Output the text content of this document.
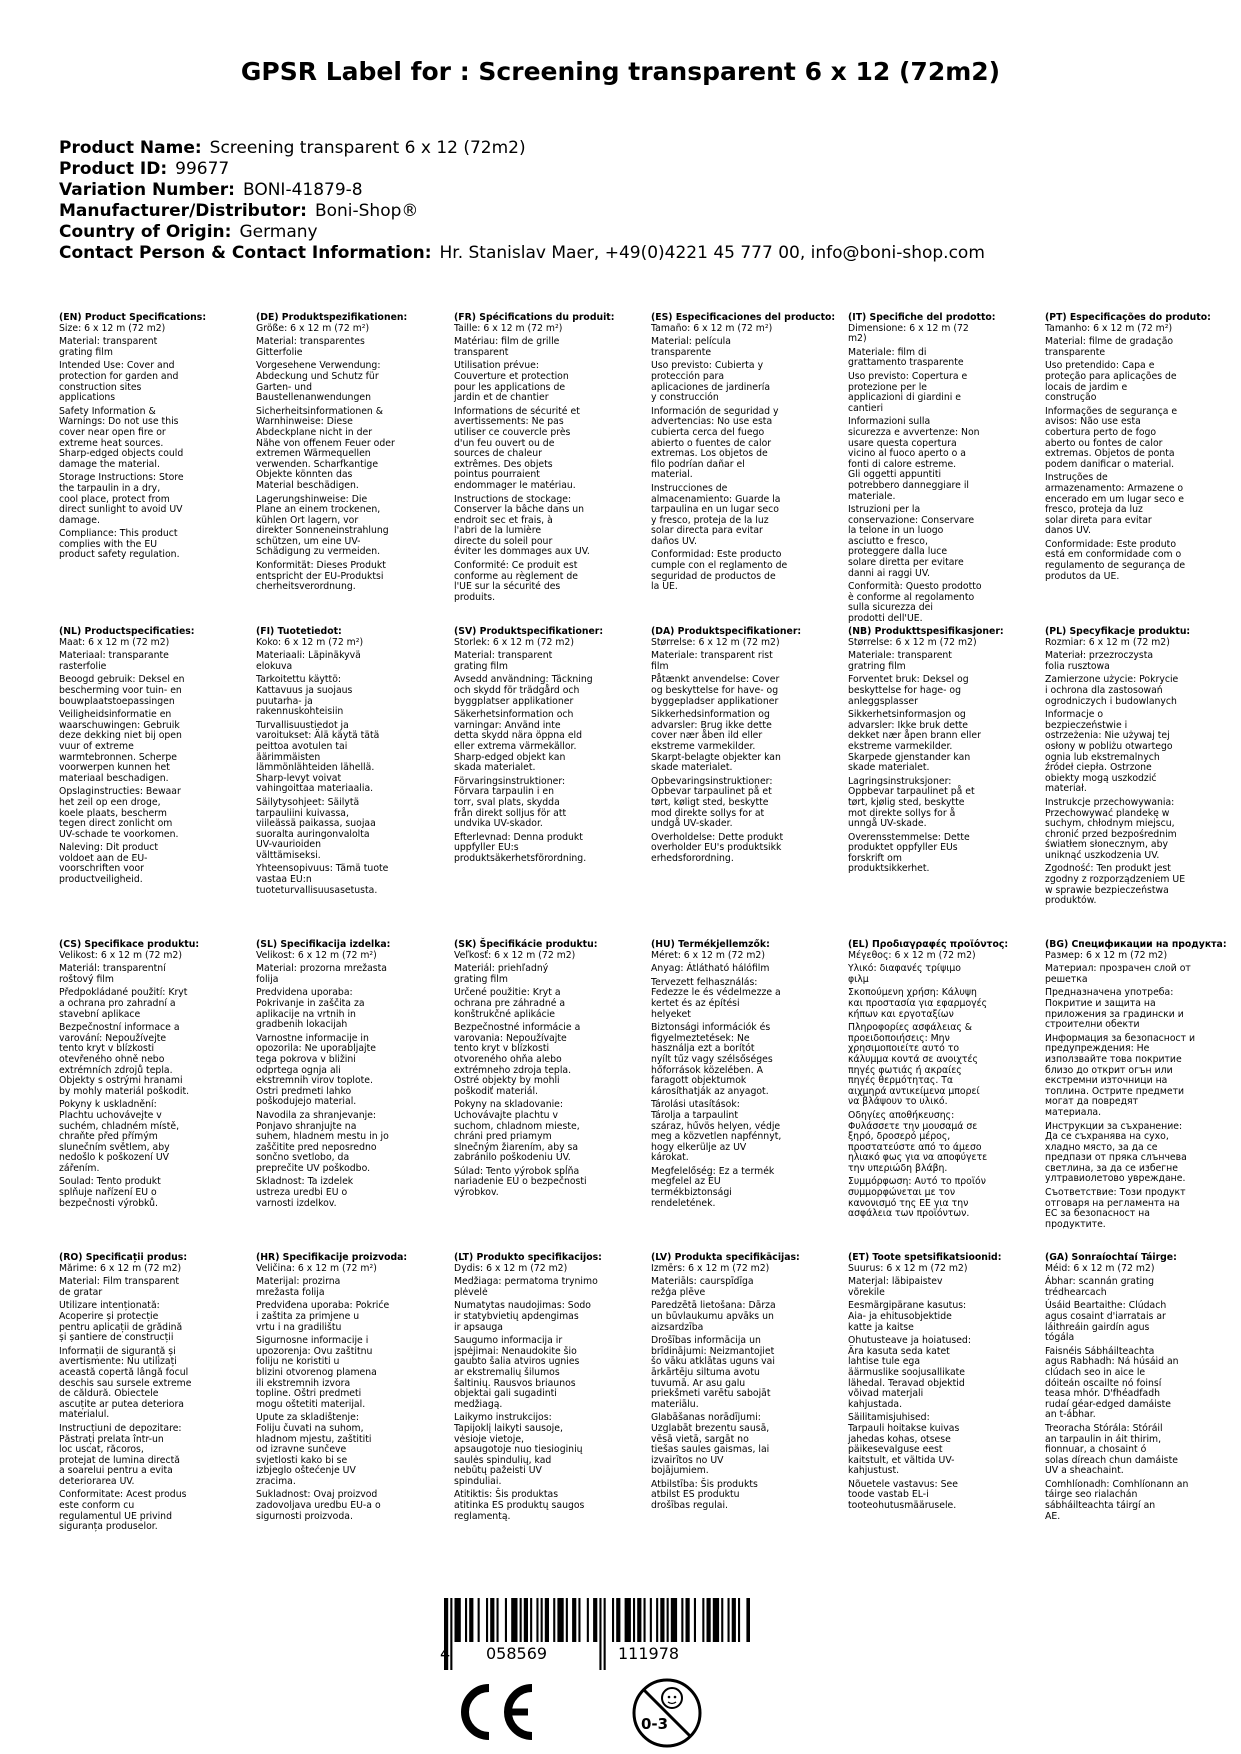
GPSR Label for : Screening transparent 6 x 12 (72m2)
Product Name: Screening transparent 6 x 12 (72m2)
Product ID: 99677
Variation Number: BONI-41879-8
Manufacturer/Distributor: Boni-Shop®
Country of Origin: Germany
Contact Person & Contact Information: Hr. Stanislav Maer, +49(0)4221 45 777 00, info@boni-shop.com
(EN) Product Specifications:
Size: 6 x 12 m (72 m2)
Material: transparent
grating film
Intended Use: Cover and
protection for garden and
construction sites
applications
Safety Information &
Warnings: Do not use this
cover near open fire or
extreme heat sources.
Sharp-edged objects could
damage the material.
Storage Instructions: Store
the tarpaulin in a dry,
cool place, protect from
direct sunlight to avoid UV
damage.
Compliance: This product
complies with the EU
product safety regulation.
(DE) Produktspezifikationen:
Größe: 6 x 12 m (72 m²)
Material: transparentes
Gitterfolie
Vorgesehene Verwendung:
Abdeckung und Schutz für
Garten- und
Baustellenanwendungen
Sicherheitsinformationen &
Warnhinweise: Diese
Abdeckplane nicht in der
Nähe von offenem Feuer oder
extremen Wärmequellen
verwenden. Scharfkantige
Objekte könnten das
Material beschädigen.
Lagerungshinweise: Die
Plane an einem trockenen,
kühlen Ort lagern, vor
direkter Sonneneinstrahlung
schützen, um eine UV-
Schädigung zu vermeiden.
Konformität: Dieses Produkt
entspricht der EU-Produktsi
cherheitsverordnung.
(FR) Spécifications du produit:
Taille: 6 x 12 m (72 m²)
Matériau: film de grille
transparent
Utilisation prévue:
Couverture et protection
pour les applications de
jardin et de chantier
Informations de sécurité et
avertissements: Ne pas
utiliser ce couvercle près
d'un feu ouvert ou de
sources de chaleur
extrêmes. Des objets
pointus pourraient
endommager le matériau.
Instructions de stockage:
Conserver la bâche dans un
endroit sec et frais, à
l'abri de la lumière
directe du soleil pour
éviter les dommages aux UV.
Conformité: Ce produit est
conforme au règlement de
l'UE sur la sécurité des
produits.
(ES) Especificaciones del producto:
Tamaño: 6 x 12 m (72 m²)
Material: película
transparente
Uso previsto: Cubierta y
protección para
aplicaciones de jardinería
y construcción
Información de seguridad y
advertencias: No use esta
cubierta cerca del fuego
abierto o fuentes de calor
extremas. Los objetos de
filo podrían dañar el
material.
Instrucciones de
almacenamiento: Guarde la
tarpaulina en un lugar seco
y fresco, proteja de la luz
solar directa para evitar
daños UV.
Conformidad: Este producto
cumple con el reglamento de
seguridad de productos de
la UE.
(IT) Specifiche del prodotto:
Dimensione: 6 x 12 m (72
m2)
Materiale: film di
grattamento trasparente
Uso previsto: Copertura e
protezione per le
applicazioni di giardini e
cantieri
Informazioni sulla
sicurezza e avvertenze: Non
usare questa copertura
vicino al fuoco aperto o a
fonti di calore estreme.
Gli oggetti appuntiti
potrebbero danneggiare il
materiale.
Istruzioni per la
conservazione: Conservare
la telone in un luogo
asciutto e fresco,
proteggere dalla luce
solare diretta per evitare
danni ai raggi UV.
Conformità: Questo prodotto
è conforme al regolamento
sulla sicurezza dei
prodotti dell'UE.
(PT) Especificações do produto:
Tamanho: 6 x 12 m (72 m²)
Material: filme de gradação
transparente
Uso pretendido: Capa e
proteção para aplicações de
locais de jardim e
construção
Informações de segurança e
avisos: Não use esta
cobertura perto de fogo
aberto ou fontes de calor
extremas. Objetos de ponta
podem danificar o material.
Instruções de
armazenamento: Armazene o
encerado em um lugar seco e
fresco, proteja da luz
solar direta para evitar
danos UV.
Conformidade: Este produto
está em conformidade com o
regulamento de segurança de
produtos da UE.
(NL) Productspecificaties:
Maat: 6 x 12 m (72 m2)
Materiaal: transparante
rasterfolie
Beoogd gebruik: Deksel en
bescherming voor tuin- en
bouwplaatstoepassingen
Veiligheidsinformatie en
waarschuwingen: Gebruik
deze dekking niet bij open
vuur of extreme
warmtebronnen. Scherpe
voorwerpen kunnen het
materiaal beschadigen.
Opslaginstructies: Bewaar
het zeil op een droge,
koele plaats, bescherm
tegen direct zonlicht om
UV-schade te voorkomen.
Naleving: Dit product
voldoet aan de EU-
voorschriften voor
productveiligheid.
(FI) Tuotetiedot:
Koko: 6 x 12 m (72 m²)
Materiaali: Läpinäkyvä
elokuva
Tarkoitettu käyttö:
Kattavuus ja suojaus
puutarha- ja
rakennuskohteisiin
Turvallisuustiedot ja
varoitukset: Älä käytä tätä
peittoa avotulen tai
äärimmäisten
lämmönlähteiden lähellä.
Sharp-levyt voivat
vahingoittaa materiaalia.
Säilytysohjeet: Säilytä
tarpauliini kuivassa,
viileässä paikassa, suojaa
suoralta auringonvalolta
UV-vaurioiden
välttämiseksi.
Yhteensopivuus: Tämä tuote
vastaa EU:n
tuoteturvallisuusasetusta.
(SV) Produktspecifikationer:
Storlek: 6 x 12 m (72 m2)
Material: transparent
grating film
Avsedd användning: Täckning
och skydd för trädgård och
byggplatser applikationer
Säkerhetsinformation och
varningar: Använd inte
detta skydd nära öppna eld
eller extrema värmekällor.
Sharp-edged objekt kan
skada materialet.
Förvaringsinstruktioner:
Förvara tarpaulin i en
torr, sval plats, skydda
från direkt solljus för att
undvika UV-skador.
Efterlevnad: Denna produkt
uppfyller EU:s
produktsäkerhetsförordning.
(DA) Produktspecifikationer:
Størrelse: 6 x 12 m (72 m2)
Materiale: transparent rist
film
Påtænkt anvendelse: Cover
og beskyttelse for have- og
byggepladser applikationer
Sikkerhedsinformation og
advarsler: Brug ikke dette
cover nær åben ild eller
ekstreme varmekilder.
Skarpt-belagte objekter kan
skade materialet.
Opbevaringsinstruktioner:
Opbevar tarpaulinet på et
tørt, køligt sted, beskytte
mod direkte sollys for at
undgå UV-skader.
Overholdelse: Dette produkt
overholder EU's produktsikk
erhedsforordning.
(NB) Produkttspesifikasjoner:
Størrelse: 6 x 12 m (72 m2)
Materiale: transparent
gratring film
Forventet bruk: Deksel og
beskyttelse for hage- og
anleggsplasser
Sikkerhetsinformasjon og
advarsler: Ikke bruk dette
dekket nær åpen brann eller
ekstreme varmekilder.
Skarpede gjenstander kan
skade materialet.
Lagringsinstruksjoner:
Oppbevar tarpaulinet på et
tørt, kjølig sted, beskytte
mot direkte sollys for å
unngå UV-skade.
Overensstemmelse: Dette
produktet oppfyller EUs
forskrift om
produktsikkerhet.
(PL) Specyfikacje produktu:
Rozmiar: 6 x 12 m (72 m2)
Materiał: przezroczysta
folia rusztowa
Zamierzone użycie: Pokrycie
i ochrona dla zastosowań
ogrodniczych i budowlanych
Informacje o
bezpieczeństwie i
ostrzeżenia: Nie używaj tej
osłony w pobliżu otwartego
ognia lub ekstremalnych
źródeł ciepła. Ostrzone
obiekty mogą uszkodzić
materiał.
Instrukcje przechowywania:
Przechowywać plandekę w
suchym, chłodnym miejscu,
chronić przed bezpośrednim
światłem słonecznym, aby
uniknąć uszkodzenia UV.
Zgodność: Ten produkt jest
zgodny z rozporządzeniem UE
w sprawie bezpieczeństwa
produktów.
(CS) Specifikace produktu:
Velikost: 6 x 12 m (72 m2)
Materiál: transparentní
roštový film
Předpokládané použití: Kryt
a ochrana pro zahradní a
stavební aplikace
Bezpečnostní informace a
varování: Nepoužívejte
tento kryt v blízkosti
otevřeného ohně nebo
extrémních zdrojů tepla.
Objekty s ostrými hranami
by mohly materiál poškodit.
Pokyny k uskladnění:
Plachtu uchovávejte v
suchém, chladném místě,
chraňte před přímým
slunečním světlem, aby
nedošlo k poškození UV
zářením.
Soulad: Tento produkt
splňuje nařízení EU o
bezpečnosti výrobků.
(SL) Specifikacija izdelka:
Velikost: 6 x 12 m (72 m²)
Material: prozorna mrežasta
folija
Predvidena uporaba:
Pokrivanje in zaščita za
aplikacije na vrtnih in
gradbenih lokacijah
Varnostne informacije in
opozorila: Ne uporabljajte
tega pokrova v bližini
odprtega ognja ali
ekstremnih virov toplote.
Ostri predmeti lahko
poškodujejo material.
Navodila za shranjevanje:
Ponjavo shranjujte na
suhem, hladnem mestu in jo
zaščitite pred neposredno
sončno svetlobo, da
preprečite UV poškodbo.
Skladnost: Ta izdelek
ustreza uredbi EU o
varnosti izdelkov.
(SK) Špecifikácie produktu:
Veľkosť: 6 x 12 m (72 m2)
Materiál: priehľadný
grating film
Určené použitie: Kryt a
ochrana pre záhradné a
konštrukčné aplikácie
Bezpečnostné informácie a
varovania: Nepoužívajte
tento kryt v blízkosti
otvoreného ohňa alebo
extrémneho zdroja tepla.
Ostré objekty by mohli
poškodiť materiál.
Pokyny na skladovanie:
Uchovávajte plachtu v
suchom, chladnom mieste,
chráni pred priamym
slnečným žiarením, aby sa
zabránilo poškodeniu UV.
Súlad: Tento výrobok spĺňa
nariadenie EÚ o bezpečnosti
výrobkov.
(HU) Termékjellemzők:
Méret: 6 x 12 m (72 m2)
Anyag: Átlátható hálófilm
Tervezett felhasználás:
Fedezze le és védelmezze a
kertet és az építési
helyeket
Biztonsági információk és
figyelmeztetések: Ne
használja ezt a borítót
nyílt tűz vagy szélsőséges
hőforrások közelében. A
faragott objektumok
károsíthatják az anyagot.
Tárolási utasítások:
Tárolja a tarpaulint
száraz, hűvös helyen, védje
meg a közvetlen napfénnyt,
hogy elkerülje az UV
károkat.
Megfelelőség: Ez a termék
megfelel az EU
termékbiztonsági
rendeletének.
(EL) Προδιαγραφές προϊόντος:
Μέγεθος: 6 x 12 m (72 m2)
Υλικό: διαφανές τρίψιμο
φιλμ
Σκοπούμενη χρήση: Κάλυψη
και προστασία για εφαρμογές
κήπων και εργοταξίων
Πληροφορίες ασφάλειας &
προειδοποιήσεις: Μην
χρησιμοποιείτε αυτό το
κάλυμμα κοντά σε ανοιχτές
πηγές φωτιάς ή ακραίες
πηγές θερμότητας. Τα
αιχμηρά αντικείμενα μπορεί
να βλάψουν το υλικό.
Οδηγίες αποθήκευσης:
Φυλάσσετε την μουσαμά σε
ξηρό, δροσερό μέρος,
προστατεύστε από το άμεσο
ηλιακό φως για να αποφύγετε
την υπεριώδη βλάβη.
Συμμόρφωση: Αυτό το προϊόν
συμμορφώνεται με τον
κανονισμό της ΕΕ για την
ασφάλεια των προϊόντων.
(BG) Спецификации на продукта:
Размер: 6 x 12 m (72 m2)
Материал: прозрачен слой от
решетка
Предназначена употреба:
Покритие и защита на
приложения за градински и
строителни обекти
Информация за безопасност и
предупреждения: Не
използвайте това покритие
близо до открит огън или
екстремни източници на
топлина. Острите предмети
могат да повредят
материала.
Инструкции за съхранение:
Да се съхранява на сухо,
хладно място, за да се
предпази от пряка слънчева
светлина, за да се избегне
ултравиолетово увреждане.
Съответствие: Този продукт
отговаря на регламента на
ЕС за безопасност на
продуктите.
(RO) Specificații produs:
Mărime: 6 x 12 m (72 m2)
Material: Film transparent
de gratar
Utilizare intenționată:
Acoperire și protecție
pentru aplicații de grădină
și șantiere de construcții
Informații de siguranță și
avertismente: Nu utilizați
această copertă lângă focul
deschis sau sursele extreme
de căldură. Obiectele
ascuțite ar putea deteriora
materialul.
Instrucțiuni de depozitare:
Păstrați prelata într-un
loc uscat, răcoros,
protejat de lumina directă
a soarelui pentru a evita
deteriorarea UV.
Conformitate: Acest produs
este conform cu
regulamentul UE privind
siguranța produselor.
(HR) Specifikacije proizvoda:
Veličina: 6 x 12 m (72 m²)
Materijal: prozirna
mrežasta folija
Predviđena uporaba: Pokriće
i zaštita za primjene u
vrtu i na gradilištu
Sigurnosne informacije i
upozorenja: Ovu zaštitnu
foliju ne koristiti u
blizini otvorenog plamena
ili ekstremnih izvora
topline. Oštri predmeti
mogu oštetiti materijal.
Upute za skladištenje:
Foliju čuvati na suhom,
hladnom mjestu, zaštititi
od izravne sunčeve
svjetlosti kako bi se
izbjeglo oštećenje UV
zracima.
Sukladnost: Ovaj proizvod
zadovoljava uredbu EU-a o
sigurnosti proizvoda.
(LT) Produkto specifikacijos:
Dydis: 6 x 12 m (72 m2)
Medžiaga: permatoma trynimo
plėvelė
Numatytas naudojimas: Sodo
ir statybvietių apdengimas
ir apsauga
Saugumo informacija ir
įspėjimai: Nenaudokite šio
gaubto šalia atviros ugnies
ar ekstremalių šilumos
šaltinių. Rausvos briaunos
objektai gali sugadinti
medžiagą.
Laikymo instrukcijos:
Tapijoklį laikyti sausoje,
vėsioje vietoje,
apsaugotoje nuo tiesioginių
saulės spindulių, kad
nebūtų pažeisti UV
spinduliai.
Atitiktis: Šis produktas
atitinka ES produktų saugos
reglamentą.
(LV) Produkta specifikācijas:
Izmērs: 6 x 12 m (72 m2)
Materiāls: caurspīdīga
režģa plēve
Paredzētā lietošana: Dārza
un būvlaukumu apvāks un
aizsardzība
Drošības informācija un
brīdinājumi: Neizmantojiet
šo vāku atklātas uguns vai
ārkārtēju siltuma avotu
tuvumā. Ar asu galu
priekšmeti varētu sabojāt
materiālu.
Glabāšanas norādījumi:
Uzglabāt brezentu sausā,
vēsā vietā, sargāt no
tiešas saules gaismas, lai
izvairītos no UV
bojājumiem.
Atbilstība: Šis produkts
atbilst ES produktu
drošības regulai.
(ET) Toote spetsifikatsioonid:
Suurus: 6 x 12 m (72 m2)
Materjal: läbipaistev
võrekile
Eesmärgipärane kasutus:
Aia- ja ehitusobjektide
katte ja kaitse
Ohutusteave ja hoiatused:
Ära kasuta seda katet
lahtise tule ega
äärmuslike soojusallikate
lähedal. Teravad objektid
võivad materjali
kahjustada.
Säilitamisjuhised:
Tarpauli hoitakse kuivas
jahedas kohas, otsese
päikesevalguse eest
kaitstult, et vältida UV-
kahjustust.
Nõuetele vastavus: See
toode vastab EL-i
tooteohutusmäärusele.
(GA) Sonraíochtaí Táirge:
Méid: 6 x 12 m (72 m2)
Ábhar: scannán grating
trédhearcach
Úsáid Beartaithe: Clúdach
agus cosaint d'iarratais ar
láithreáin gairdín agus
tógála
Faisnéis Sábháilteachta
agus Rabhadh: Ná húsáid an
clúdach seo in aice le
dóiteán oscailte nó foinsí
teasa mhór. D'fhéadfadh
rudaí géar-edged damáiste
an t-ábhar.
Treoracha Stórála: Stóráil
an tarpaulin in áit thirim,
fionnuar, a chosaint ó
solas díreach chun damáiste
UV a sheachaint.
Comhlíonadh: Comhlíonann an
táirge seo rialachán
sábháilteachta táirgí an
AE.
4 058569	111978
0-3
